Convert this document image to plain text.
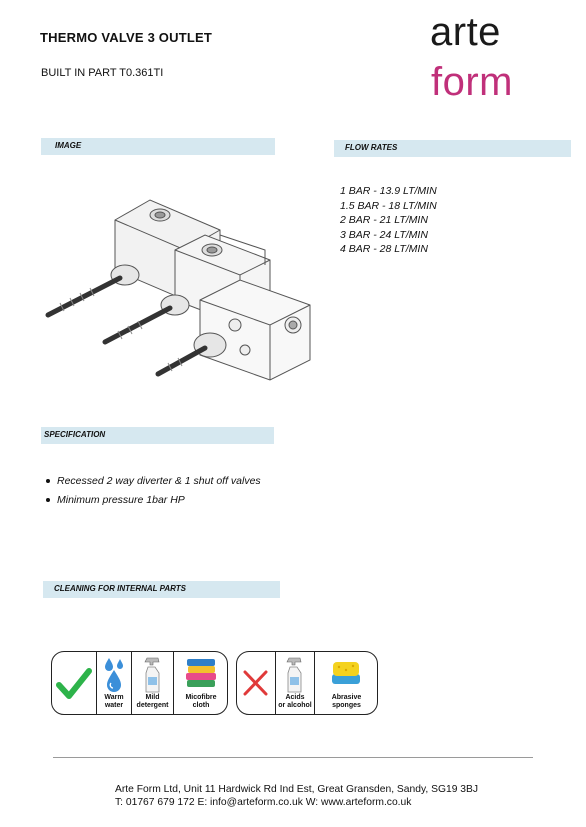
THERMO VALVE 3 OUTLET
BUILT IN PART T0.361TI
arte
form
IMAGE	FLOW RATES
SPECIFICATION
CLEANING FOR INTERNAL PARTS
1 BAR - 13.9 LT/MIN
1.5 BAR - 18 LT/MIN
2 BAR - 21 LT/MIN
3 BAR - 24 LT/MIN
4 BAR - 28 LT/MIN
Recessed 2 way diverter & 1 shut off valves
Minimum pressure 1bar HP
Warm
water
Mild
detergent
Micofibre
cloth
Acids
or alcohol
Abrasive
sponges
Arte Form Ltd, Unit 11 Hardwick Rd Ind Est, Great Gransden, Sandy, SG19 3BJ
T: 01767 679 172 E: info@arteform.co.uk W: www.arteform.co.uk
